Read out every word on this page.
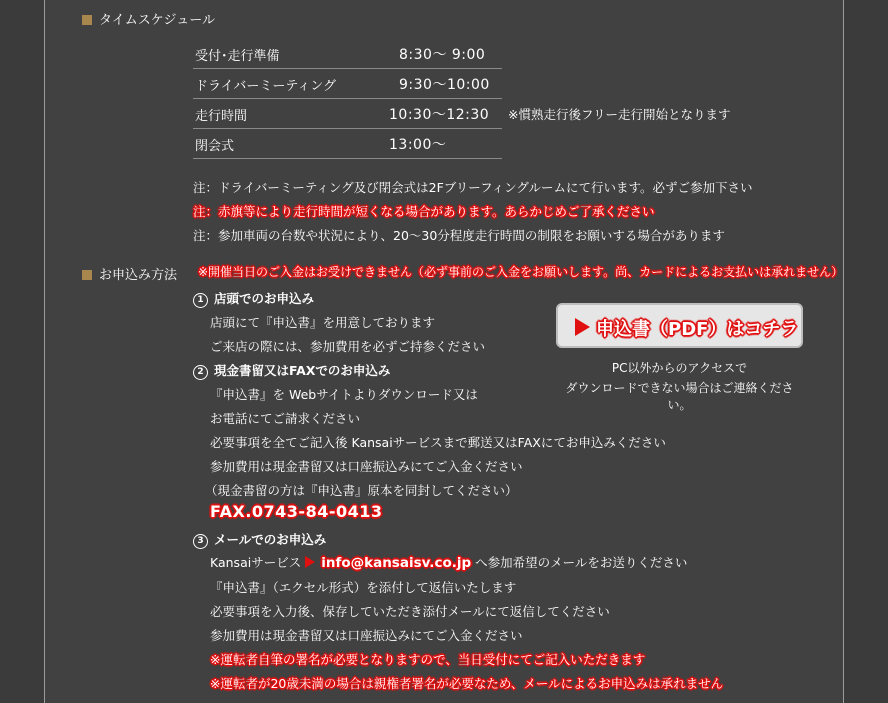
タイムスケジュール
受付･走行準備	8:30～ 9:00
ドライバーミーティング	9:30～10:00
走行時間	10:30～12:30
閉会式	13:00～
※慣熟走行後フリー走行開始となります
注：ドライバーミーティング及び閉会式は2Fブリーフィングルームにて行います。必ずご参加下さい
注：赤旗等により走行時間が短くなる場合があります。あらかじめご了承ください
注：参加車両の台数や状況により、20～30分程度走行時間の制限をお願いする場合があります
お申込み方法 ※開催当日のご入金はお受けできません（必ず事前のご入金をお願いします。尚、カードによるお支払いは承れません）
1 店頭でのお申込み
店頭にて『申込書』を用意しております
ご来店の際には、参加費用を必ずご持参ください
2 現金書留又はFAXでのお申込み
『申込書』を Webサイトよりダウンロード又は
お電話にてご請求ください
必要事項を全てご記入後 Kansaiサービスまで郵送又はFAXにてお申込みください
参加費用は現金書留又は口座振込みにてご入金ください
（現金書留の方は『申込書』原本を同封してください）
FAX.0743-84-0413
3 メールでのお申込み
Kansaiサービス info@kansaisv.co.jp へ参加希望のメールをお送りください
『申込書』（エクセル形式）を添付して返信いたします
必要事項を入力後、保存していただき添付メールにて返信してください
参加費用は現金書留又は口座振込みにてご入金ください
※運転者自筆の署名が必要となりますので、当日受付にてご記入いただきます
※運転者が20歳未満の場合は親権者署名が必要なため、メールによるお申込みは承れません
申込書（PDF）はコチラ
PC以外からのアクセスで
ダウンロードできない場合はご連絡ください。
